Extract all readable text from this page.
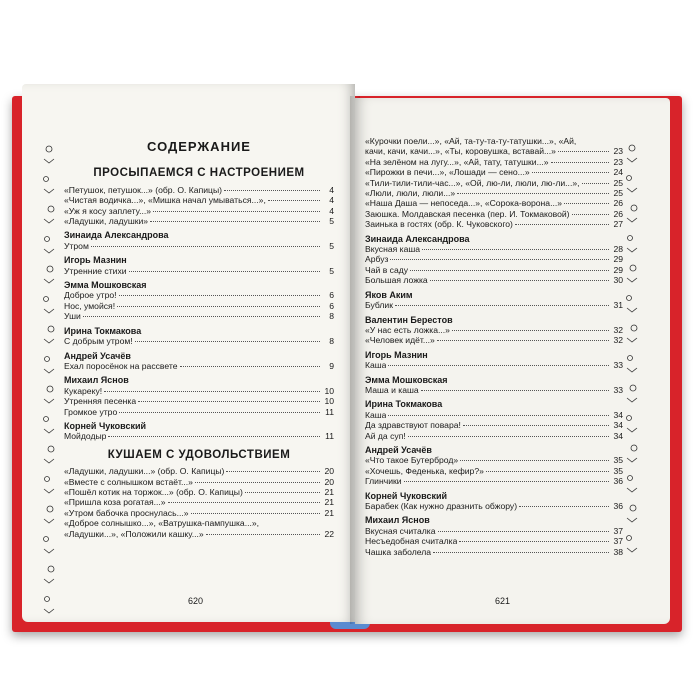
СОДЕРЖАНИЕ
ПРОСЫПАЕМСЯ С НАСТРОЕНИЕМ
«Петушок, петушок...» (обр. О. Капицы)	4
«Чистая водичка...», «Мишка начал умываться...»,	4
«Уж я косу заплету...»	4
«Ладушки, ладушки»	5
Зинаида Александрова
Утром	5
Игорь Мазнин
Утренние стихи	5
Эмма Мошковская
Доброе утро!	6
Нос, умойся!	6
Уши	8
Ирина Токмакова
С добрым утром!	8
Андрей Усачёв
Ехал поросёнок на рассвете	9
Михаил Яснов
Кукареку!	10
Утренняя песенка	10
Громкое утро	11
Корней Чуковский
Мойдодыр	11
КУШАЕМ С УДОВОЛЬСТВИЕМ
«Ладушки, ладушки...» (обр. О. Капицы)	20
«Вместе с солнышком встаёт...»	20
«Пошёл котик на торжок...» (обр. О. Капицы)	21
«Пришла коза рогатая...»	21
«Утром бабочка проснулась...»	21
«Доброе солнышко...», «Ватрушка-пампушка...»,
«Ладушки...», «Положили кашку...»	22
620
«Курочки поели...», «Ай, та-ту-та-ту-татушки...», «Ай,
качи, качи, качи...», «Ты, коровушка, вставай...»	23
«На зелёном на лугу...», «Ай, тату, татушки...»	23
«Пирожки в печи...», «Лошади — сено...»	24
«Тили-тили-тили-час...», «Ой, лю-ли, люли, лю-ли...»,	25
«Люли, люли, люли...»	25
«Наша Даша — непоседа...», «Сорока-ворона...»	26
Заюшка. Молдавская песенка (пер. И. Токмаковой)	26
Заинька в гостях (обр. К. Чуковского)	27
Зинаида Александрова
Вкусная каша	28
Арбуз	29
Чай в саду	29
Большая ложка	30
Яков Аким
Бублик	31
Валентин Берестов
«У нас есть ложка...»	32
«Человек идёт...»	32
Игорь Мазнин
Каша	33
Эмма Мошковская
Маша и каша	33
Ирина Токмакова
Каша	34
Да здравствуют повара!	34
Ай да суп!	34
Андрей Усачёв
«Что такое Бутерброд»	35
«Хочешь, Феденька, кефир?»	35
Глинчики	36
Корней Чуковский
Барабек (Как нужно дразнить обжору)	36
Михаил Яснов
Вкусная считалка	37
Несъедобная считалка	37
Чашка заболела	38
621
